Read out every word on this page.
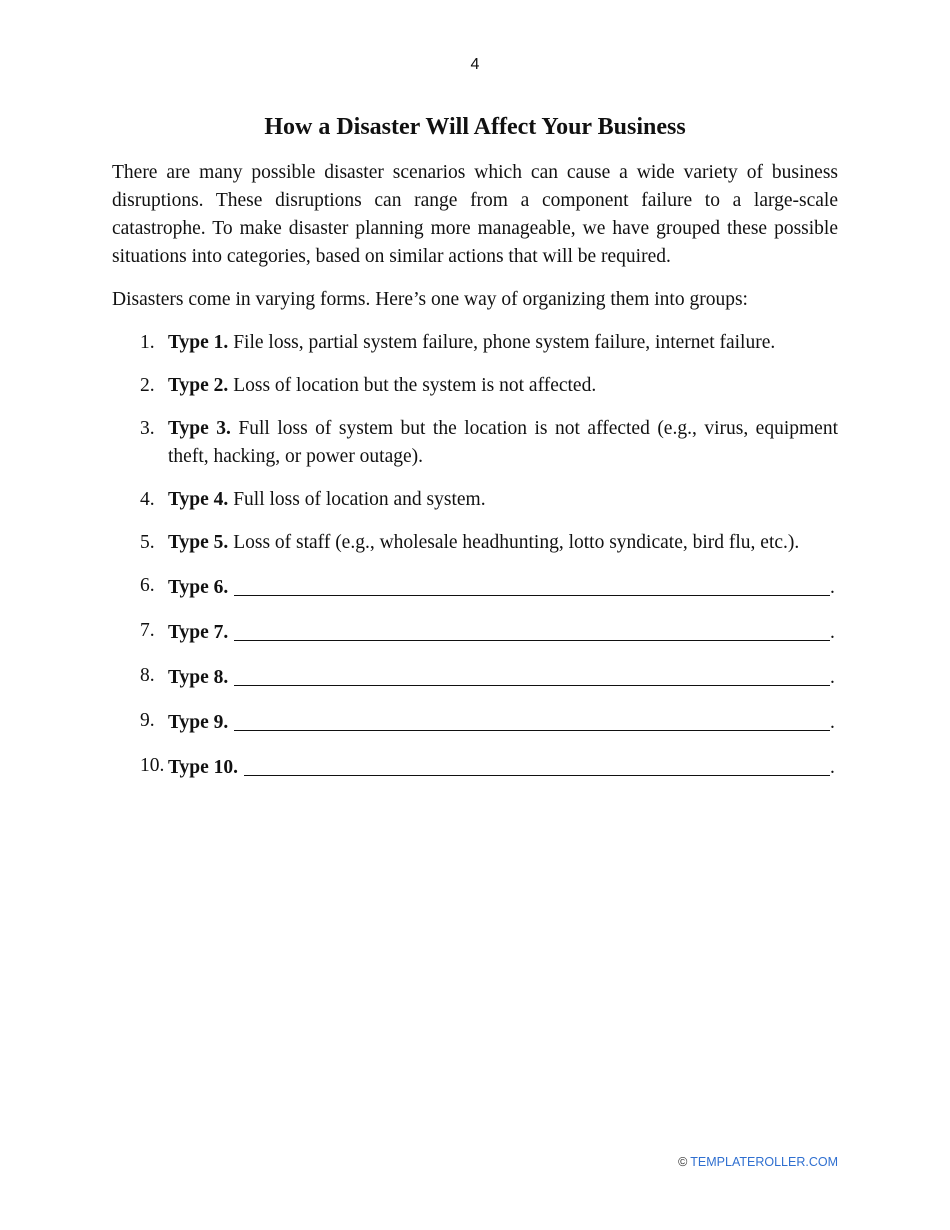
4
How a Disaster Will Affect Your Business

There are many possible disaster scenarios which can cause a wide variety of business disruptions. These disruptions can range from a component failure to a large-scale catastrophe. To make disaster planning more manageable, we have grouped these possible situations into categories, based on similar actions that will be required.

Disasters come in varying forms. Here’s one way of organizing them into groups:

1. Type 1. File loss, partial system failure, phone system failure, internet failure.
2. Type 2. Loss of location but the system is not affected.
3. Type 3. Full loss of system but the location is not affected (e.g., virus, equipment theft, hacking, or power outage).
4. Type 4. Full loss of location and system.
5. Type 5. Loss of staff (e.g., wholesale headhunting, lotto syndicate, bird flu, etc.).
6. Type 6.	.
7. Type 7.	.
8. Type 8.	.
9. Type 9.	.
10. Type 10.	.
© TEMPLATEROLLER.COM
